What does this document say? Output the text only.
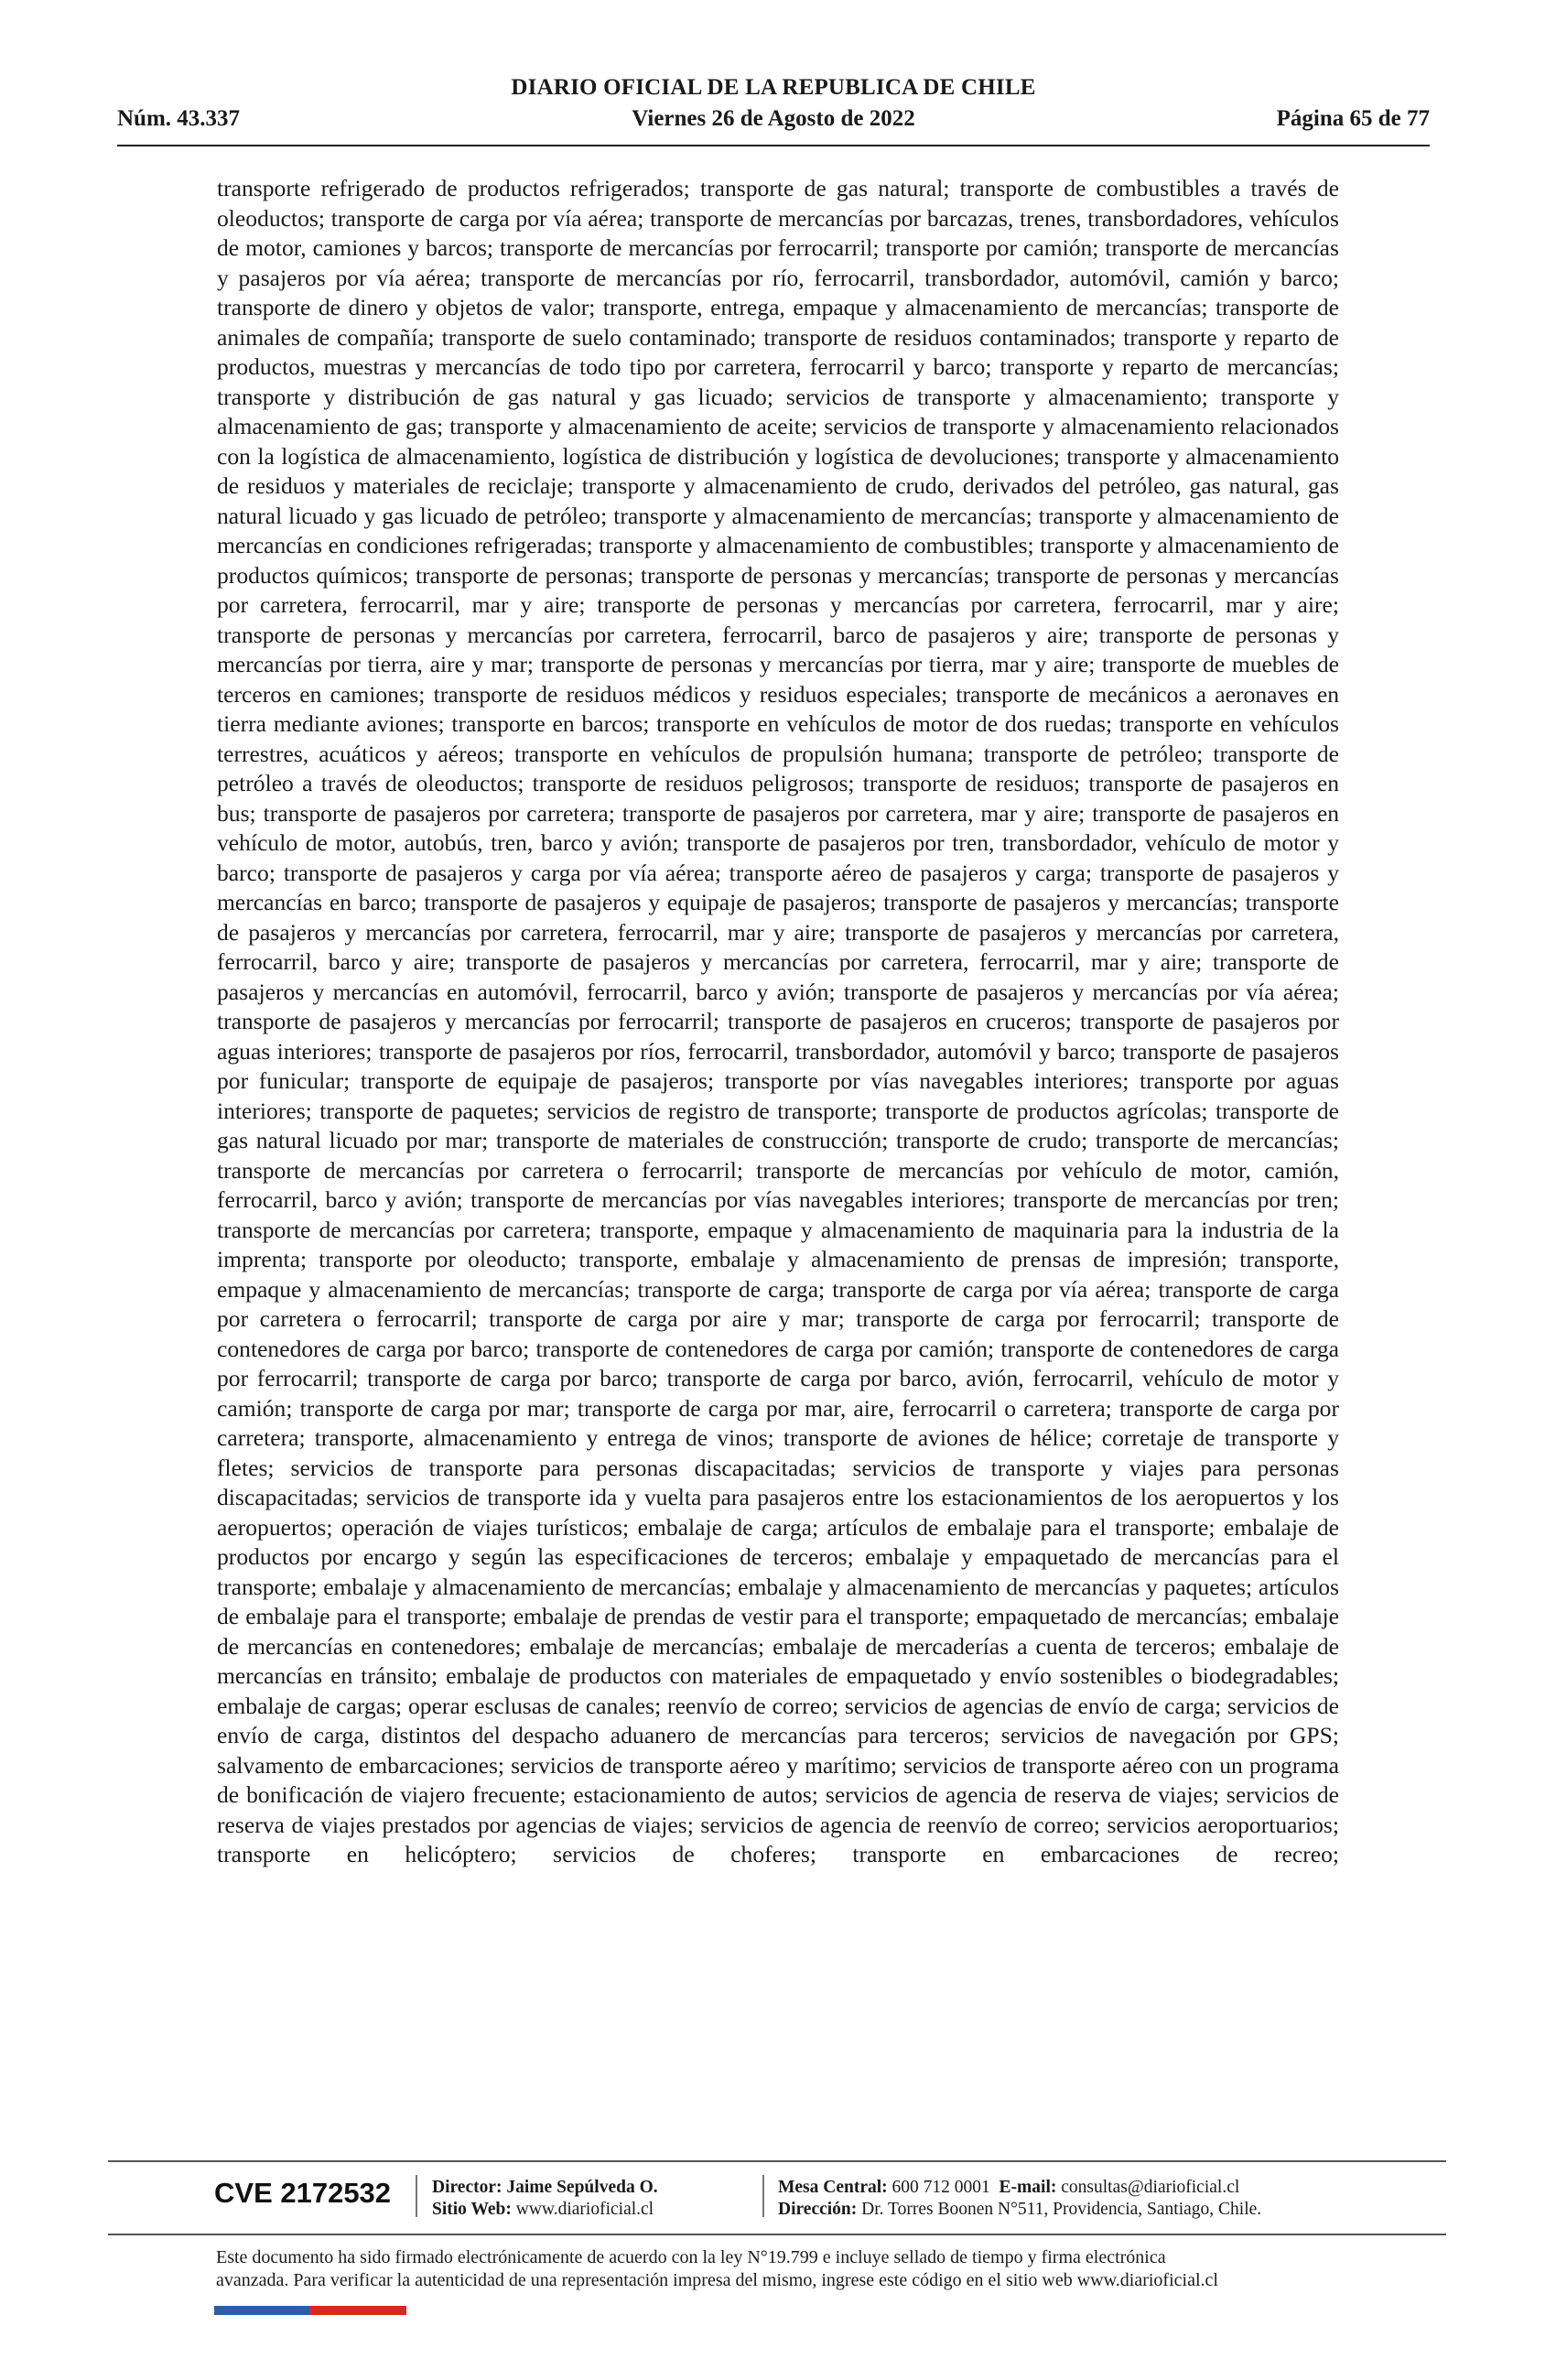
DIARIO OFICIAL DE LA REPUBLICA DE CHILE
Núm. 43.337	Viernes 26 de Agosto de 2022	Página 65 de 77

transporte refrigerado de productos refrigerados; transporte de gas natural; transporte de combustibles a través de oleoductos; transporte de carga por vía aérea; transporte de mercancías por barcazas, trenes, transbordadores, vehículos de motor, camiones y barcos; transporte de mercancías por ferrocarril; transporte por camión; transporte de mercancías y pasajeros por vía aérea; transporte de mercancías por río, ferrocarril, transbordador, automóvil, camión y barco; transporte de dinero y objetos de valor; transporte, entrega, empaque y almacenamiento de mercancías; transporte de animales de compañía; transporte de suelo contaminado; transporte de residuos contaminados; transporte y reparto de productos, muestras y mercancías de todo tipo por carretera, ferrocarril y barco; transporte y reparto de mercancías; transporte y distribución de gas natural y gas licuado; servicios de transporte y almacenamiento; transporte y almacenamiento de gas; transporte y almacenamiento de aceite; servicios de transporte y almacenamiento relacionados con la logística de almacenamiento, logística de distribución y logística de devoluciones; transporte y almacenamiento de residuos y materiales de reciclaje; transporte y almacenamiento de crudo, derivados del petróleo, gas natural, gas natural licuado y gas licuado de petróleo; transporte y almacenamiento de mercancías; transporte y almacenamiento de mercancías en condiciones refrigeradas; transporte y almacenamiento de combustibles; transporte y almacenamiento de productos químicos; transporte de personas; transporte de personas y mercancías; transporte de personas y mercancías por carretera, ferrocarril, mar y aire; transporte de personas y mercancías por carretera, ferrocarril, mar y aire; transporte de personas y mercancías por carretera, ferrocarril, barco de pasajeros y aire; transporte de personas y mercancías por tierra, aire y mar; transporte de personas y mercancías por tierra, mar y aire; transporte de muebles de terceros en camiones; transporte de residuos médicos y residuos especiales; transporte de mecánicos a aeronaves en tierra mediante aviones; transporte en barcos; transporte en vehículos de motor de dos ruedas; transporte en vehículos terrestres, acuáticos y aéreos; transporte en vehículos de propulsión humana; transporte de petróleo; transporte de petróleo a través de oleoductos; transporte de residuos peligrosos; transporte de residuos; transporte de pasajeros en bus; transporte de pasajeros por carretera; transporte de pasajeros por carretera, mar y aire; transporte de pasajeros en vehículo de motor, autobús, tren, barco y avión; transporte de pasajeros por tren, transbordador, vehículo de motor y barco; transporte de pasajeros y carga por vía aérea; transporte aéreo de pasajeros y carga; transporte de pasajeros y mercancías en barco; transporte de pasajeros y equipaje de pasajeros; transporte de pasajeros y mercancías; transporte de pasajeros y mercancías por carretera, ferrocarril, mar y aire; transporte de pasajeros y mercancías por carretera, ferrocarril, barco y aire; transporte de pasajeros y mercancías por carretera, ferrocarril, mar y aire; transporte de pasajeros y mercancías en automóvil, ferrocarril, barco y avión; transporte de pasajeros y mercancías por vía aérea; transporte de pasajeros y mercancías por ferrocarril; transporte de pasajeros en cruceros; transporte de pasajeros por aguas interiores; transporte de pasajeros por ríos, ferrocarril, transbordador, automóvil y barco; transporte de pasajeros por funicular; transporte de equipaje de pasajeros; transporte por vías navegables interiores; transporte por aguas interiores; transporte de paquetes; servicios de registro de transporte; transporte de productos agrícolas; transporte de gas natural licuado por mar; transporte de materiales de construcción; transporte de crudo; transporte de mercancías; transporte de mercancías por carretera o ferrocarril; transporte de mercancías por vehículo de motor, camión, ferrocarril, barco y avión; transporte de mercancías por vías navegables interiores; transporte de mercancías por tren; transporte de mercancías por carretera; transporte, empaque y almacenamiento de maquinaria para la industria de la imprenta; transporte por oleoducto; transporte, embalaje y almacenamiento de prensas de impresión; transporte, empaque y almacenamiento de mercancías; transporte de carga; transporte de carga por vía aérea; transporte de carga por carretera o ferrocarril; transporte de carga por aire y mar; transporte de carga por ferrocarril; transporte de contenedores de carga por barco; transporte de contenedores de carga por camión; transporte de contenedores de carga por ferrocarril; transporte de carga por barco; transporte de carga por barco, avión, ferrocarril, vehículo de motor y camión; transporte de carga por mar; transporte de carga por mar, aire, ferrocarril o carretera; transporte de carga por carretera; transporte, almacenamiento y entrega de vinos; transporte de aviones de hélice; corretaje de transporte y fletes; servicios de transporte para personas discapacitadas; servicios de transporte y viajes para personas discapacitadas; servicios de transporte ida y vuelta para pasajeros entre los estacionamientos de los aeropuertos y los aeropuertos; operación de viajes turísticos; embalaje de carga; artículos de embalaje para el transporte; embalaje de productos por encargo y según las especificaciones de terceros; embalaje y empaquetado de mercancías para el transporte; embalaje y almacenamiento de mercancías; embalaje y almacenamiento de mercancías y paquetes; artículos de embalaje para el transporte; embalaje de prendas de vestir para el transporte; empaquetado de mercancías; embalaje de mercancías en contenedores; embalaje de mercancías; embalaje de mercaderías a cuenta de terceros; embalaje de mercancías en tránsito; embalaje de productos con materiales de empaquetado y envío sostenibles o biodegradables; embalaje de cargas; operar esclusas de canales; reenvío de correo; servicios de agencias de envío de carga; servicios de envío de carga, distintos del despacho aduanero de mercancías para terceros; servicios de navegación por GPS; salvamento de embarcaciones; servicios de transporte aéreo y marítimo; servicios de transporte aéreo con un programa de bonificación de viajero frecuente; estacionamiento de autos; servicios de agencia de reserva de viajes; servicios de reserva de viajes prestados por agencias de viajes; servicios de agencia de reenvío de correo; servicios aeroportuarios; transporte en helicóptero; servicios de choferes; transporte en embarcaciones de recreo;

CVE 2172532 Director: Jaime Sepúlveda O.
Sitio Web: www.diarioficial.cl
Mesa Central: 600 712 0001 E-mail: consultas@diarioficial.cl
Dirección: Dr. Torres Boonen N°511, Providencia, Santiago, Chile.
Este documento ha sido firmado electrónicamente de acuerdo con la ley N°19.799 e incluye sellado de tiempo y firma electrónica
avanzada. Para verificar la autenticidad de una representación impresa del mismo, ingrese este código en el sitio web www.diarioficial.cl
